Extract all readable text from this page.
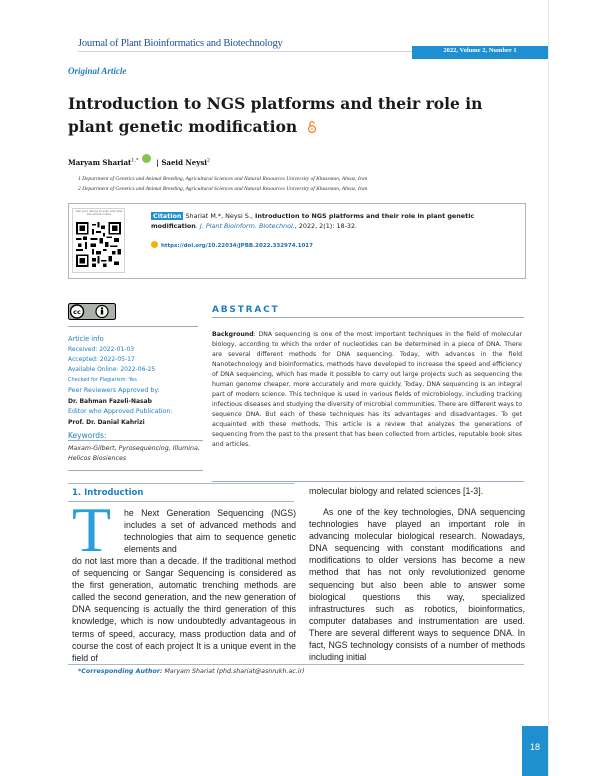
Journal of Plant Bioinformatics and Biotechnology
2022, Volume 2, Number 1
Original Article
Introduction to NGS platforms and their role in plant genetic modification
Maryam Shariat$^{1,*}$	| Saeid Neysi$^2$
1 Department of Genetics and Animal Breeding, Agricultural Sciences and Natural Resources University of Khuzestan, Ahvaz, Iran
2 Department of Genetics and Animal Breeding, Agricultural Sciences and Natural Resources University of Khuzestan, Ahvaz, Iran
Use your device to scan and read the article online	Citation Shariat M.*, Neysi S., Introduction to NGS platforms and their role in plant genetic modification. J. Plant Bioinform. Biotechnol., 2022, 2(1): 18-32.
https://doi.org/10.22034/JPBB.2022.332974.1017
cc
Article info
Received: 2022-01-03
Accepted: 2022-05-17
Available Online: 2022-06-25
Checked for Plagiarism: Yes
Peer Reviewers Approved by:
Dr. Bahman Fazeli-Nasab
Editor who Approved Publication:
Prof. Dr. Danial Kahrizi
Keywords:
Maxam-Gilbert, Pyrosequencing, Illumina, Helicos Biosiences
ABSTRACT
Background: DNA sequencing is one of the most important techniques in the field of molecular biology, according to which the order of nucleotides can be determined in a piece of DNA. There are several different methods for DNA sequencing. Today, with advances in the field Nanotechnology and bioinformatics, methods have developed to increase the speed and efficiency of DNA sequencing, which has made it possible to carry out large projects such as sequencing the human genome cheaper, more accurately and more quickly. Today, DNA sequencing is an integral part of modern science. This technique is used in various fields of microbiology, including tracking infectious diseases and studying the diversity of microbial communities. There are different ways to sequence DNA. But each of these techniques has its advantages and disadvantages. To get acquainted with these methods, This article is a review that analyzes the generations of sequencing from the past to the present that has been collected from articles, reputable book sites and articles.
1. Introduction
T he Next Generation Sequencing (NGS) includes a set of advanced methods and technologies that aim to sequence genetic elements and
do not last more than a decade. If the traditional method of sequencing or Sangar Sequencing is considered as the first generation, automatic trenching methods are called the second generation, and the new generation of DNA sequencing is actually the third generation of this knowledge, which is now undoubtedly advantageous in terms of speed, accuracy, mass production data and of course the cost of each project It is a unique event in the field of
molecular biology and related sciences [1-3].
As one of the key technologies, DNA sequencing technologies have played an important role in advancing molecular biological research. Nowadays, DNA sequencing with constant modifications and modifications to older versions has become a new method that has not only revolutionized genome sequencing but also been able to answer some biological questions this way, specialized infrastructures such as robotics, bioinformatics, computer databases and instrumentation are used. There are several different ways to sequence DNA. In fact, NGS technology consists of a number of methods including initial
*Corresponding Author: Maryam Shariat (phd.shariat@asnrukh.ac.ir)
18
